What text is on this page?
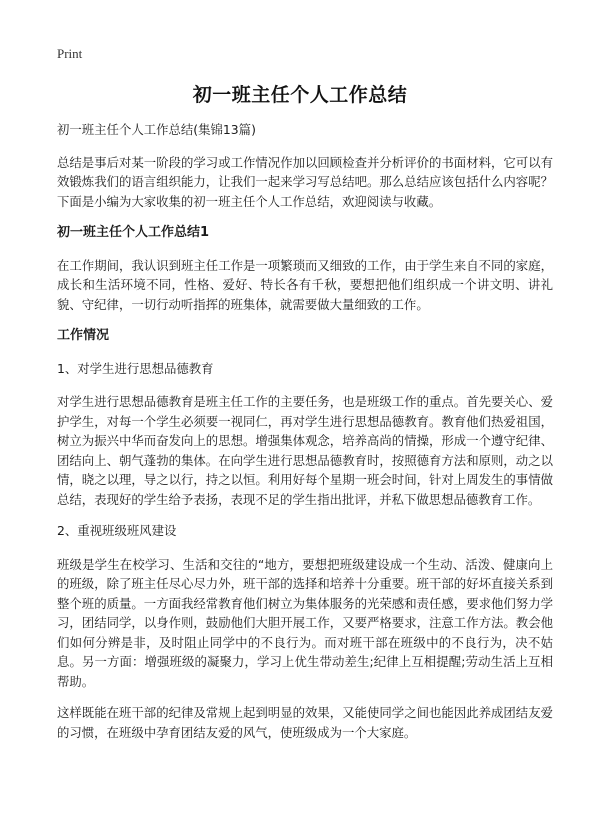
Print
初一班主任个人工作总结

初一班主任个人工作总结(集锦13篇)

总结是事后对某一阶段的学习或工作情况作加以回顾检查并分析评价的书面材料，它可以有效锻炼我们的语言组织能力，让我们一起来学习写总结吧。那么总结应该包括什么内容呢？下面是小编为大家收集的初一班主任个人工作总结，欢迎阅读与收藏。

初一班主任个人工作总结1

在工作期间，我认识到班主任工作是一项繁琐而又细致的工作，由于学生来自不同的家庭，成长和生活环境不同，性格、爱好、特长各有千秋，要想把他们组织成一个讲文明、讲礼貌、守纪律，一切行动听指挥的班集体，就需要做大量细致的工作。

工作情况

1、对学生进行思想品德教育

对学生进行思想品德教育是班主任工作的主要任务，也是班级工作的重点。首先要关心、爱护学生，对每一个学生必须要一视同仁，再对学生进行思想品德教育。教育他们热爱祖国，树立为振兴中华而奋发向上的思想。增强集体观念，培养高尚的情操，形成一个遵守纪律、团结向上、朝气蓬勃的集体。在向学生进行思想品德教育时，按照德育方法和原则，动之以情，晓之以理，导之以行，持之以恒。利用好每个星期一班会时间，针对上周发生的事情做总结，表现好的学生给予表扬，表现不足的学生指出批评，并私下做思想品德教育工作。

2、重视班级班风建设

班级是学生在校学习、生活和交往的“地方，要想把班级建设成一个生动、活泼、健康向上的班级，除了班主任尽心尽力外，班干部的选择和培养十分重要。班干部的好坏直接关系到整个班的质量。一方面我经常教育他们树立为集体服务的光荣感和责任感，要求他们努力学习，团结同学，以身作则，鼓励他们大胆开展工作，又要严格要求，注意工作方法。教会他们如何分辨是非，及时阻止同学中的不良行为。而对班干部在班级中的不良行为，决不姑息。另一方面：增强班级的凝聚力，学习上优生带动差生;纪律上互相提醒;劳动生活上互相帮助。

这样既能在班干部的纪律及常规上起到明显的效果，又能使同学之间也能因此养成团结友爱的习惯，在班级中孕育团结友爱的风气，使班级成为一个大家庭。
